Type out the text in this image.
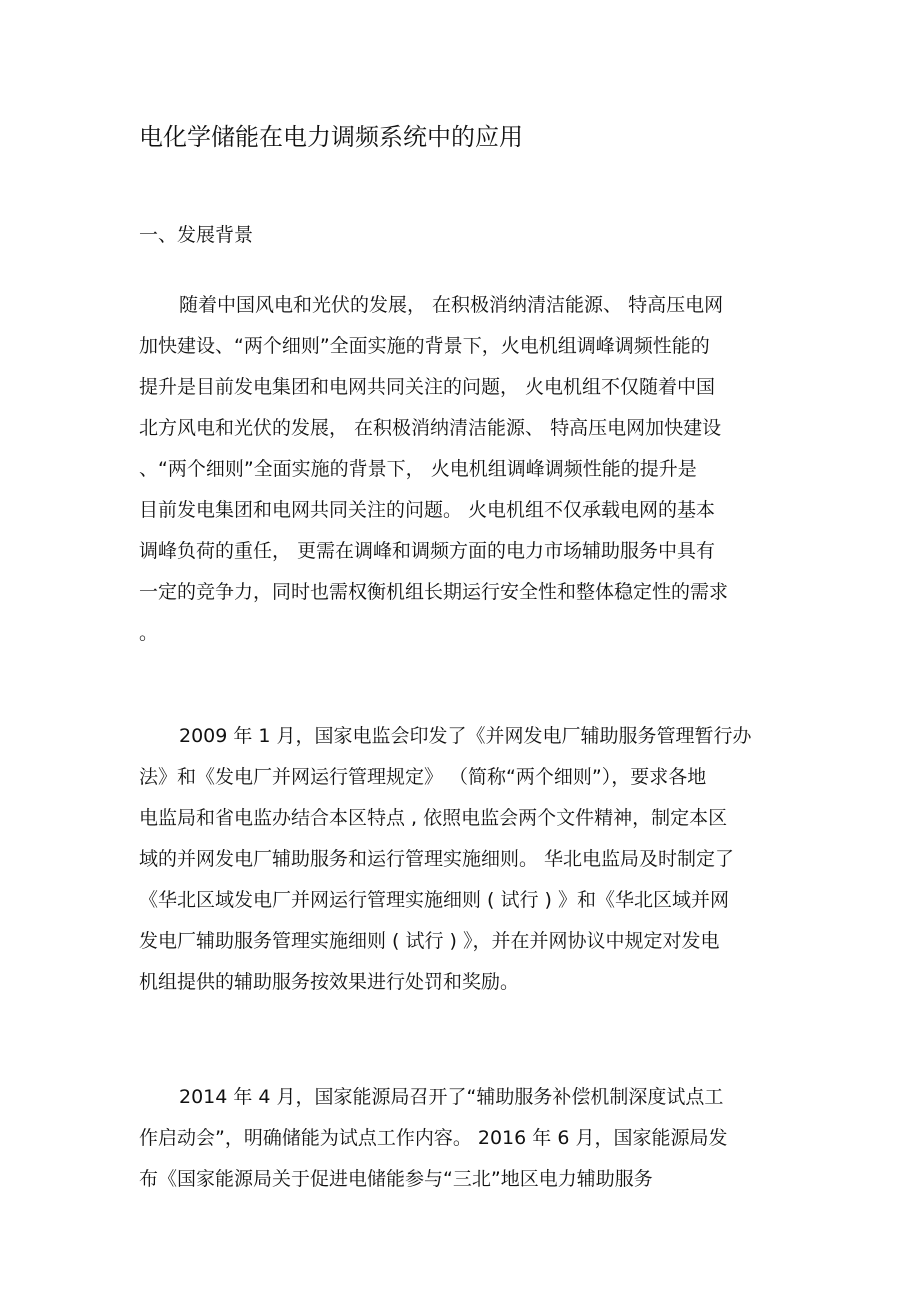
电化学储能在电力调频系统中的应用
一、发展背景
随着中国风电和光伏的发展， 在积极消纳清洁能源、 特高压电网
加快建设、“两个细则”全面实施的背景下，火电机组调峰调频性能的
提升是目前发电集团和电网共同关注的问题， 火电机组不仅随着中国
北方风电和光伏的发展， 在积极消纳清洁能源、 特高压电网加快建设
、“两个细则”全面实施的背景下， 火电机组调峰调频性能的提升是
目前发电集团和电网共同关注的问题。 火电机组不仅承载电网的基本
调峰负荷的重任， 更需在调峰和调频方面的电力市场辅助服务中具有
一定的竞争力，同时也需权衡机组长期运行安全性和整体稳定性的需求
。
2009 年 1 月，国家电监会印发了《并网发电厂辅助服务管理暂行办
法》和《发电厂并网运行管理规定》 （简称“两个细则”），要求各地
电监局和省电监办结合本区特点 , 依照电监会两个文件精神，制定本区
域的并网发电厂辅助服务和运行管理实施细则。 华北电监局及时制定了
《华北区域发电厂并网运行管理实施细则 ( 试行 ) 》和《华北区域并网
发电厂辅助服务管理实施细则 ( 试行 ) 》，并在并网协议中规定对发电
机组提供的辅助服务按效果进行处罚和奖励。
2014 年 4 月，国家能源局召开了“辅助服务补偿机制深度试点工
作启动会”，明确储能为试点工作内容。 2016 年 6 月，国家能源局发
布《国家能源局关于促进电储能参与“三北”地区电力辅助服务
